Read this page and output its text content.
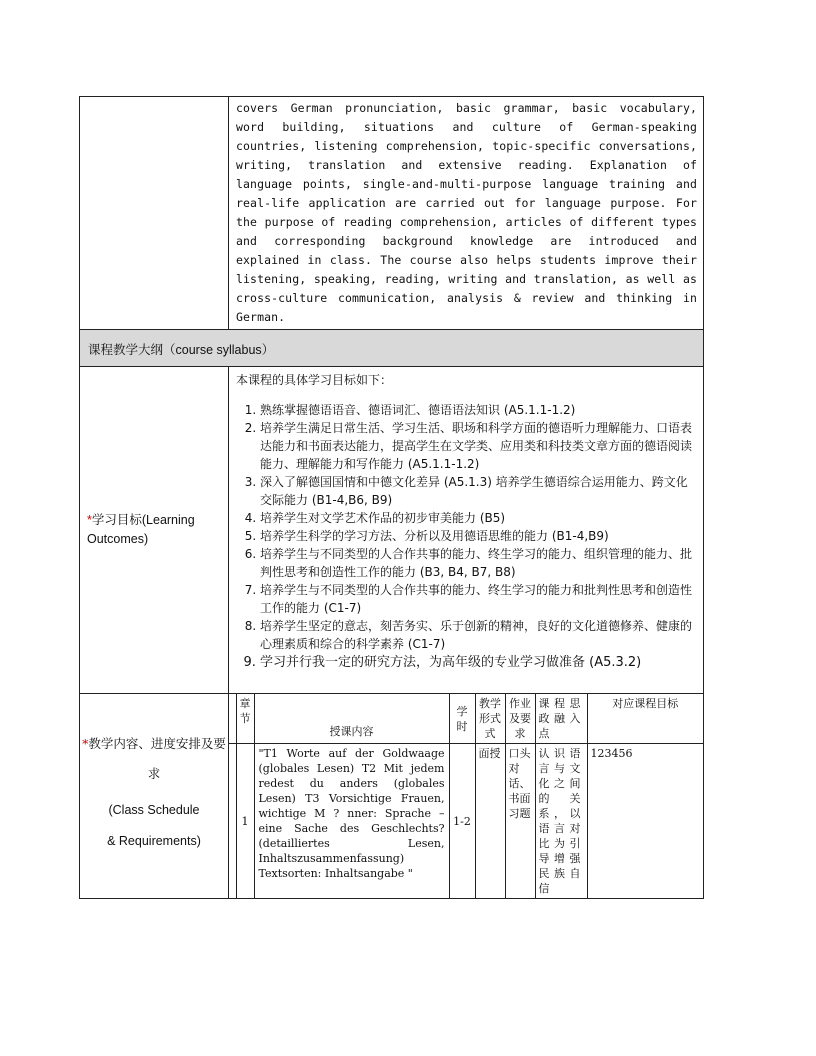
covers German pronunciation, basic grammar, basic vocabulary, word building, situations and culture of German-speaking countries, listening comprehension, topic-specific conversations, writing, translation and extensive reading. Explanation of language points, single-and-multi-purpose language training and real-life application are carried out for language purpose. For the purpose of reading comprehension, articles of different types and corresponding background knowledge are introduced and explained in class. The course also helps students improve their listening, speaking, reading, writing and translation, as well as cross-culture communication, analysis & review and thinking in German.

课程教学大纲（course syllabus）

*学习目标(Learning Outcomes)

本课程的具体学习目标如下：

1. 熟练掌握德语语音、德语词汇、德语语法知识 (A5.1.1-1.2)
2. 培养学生满足日常生活、学习生活、职场和科学方面的德语听力理解能力、口语表达能力和书面表达能力，提高学生在文学类、应用类和科技类文章方面的德语阅读能力、理解能力和写作能力 (A5.1.1-1.2)
3. 深入了解德国国情和中德文化差异 (A5.1.3) 培养学生德语综合运用能力、跨文化交际能力 (B1-4,B6, B9)
4. 培养学生对文学艺术作品的初步审美能力 (B5)
5. 培养学生科学的学习方法、分析以及用德语思维的能力 (B1-4,B9)
6. 培养学生与不同类型的人合作共事的能力、终生学习的能力、组织管理的能力、批判性思考和创造性工作的能力 (B3, B4, B7, B8)
7. 培养学生与不同类型的人合作共事的能力、终生学习的能力和批判性思考和创造性工作的能力 (C1-7)
8. 培养学生坚定的意志，刻苦务实、乐于创新的精神，良好的文化道德修养、健康的心理素质和综合的科学素养 (C1-7)
9. 学习并行我一定的研究方法，为高年级的专业学习做准备 (A5.3.2)

*教学内容、进度安排及要求

(Class Schedule

& Requirements)

	章节	授课内容	学时	教学形式式	作业及要求	课程思政融入点	对应课程目标
	1	"T1 Worte auf der Goldwaage (globales Lesen) T2 Mit jedem redest du anders (globales Lesen) T3 Vorsichtige Frauen, wichtige M ? nner: Sprache – eine Sache des Geschlechts? (detailliertes Lesen, Inhaltszusammenfassung) Textsorten: Inhaltsangabe "	1-2	面授	口头对话、书面习题	认识语言与文化之间的关系，以语言对比为引导增强民族自信	123456
